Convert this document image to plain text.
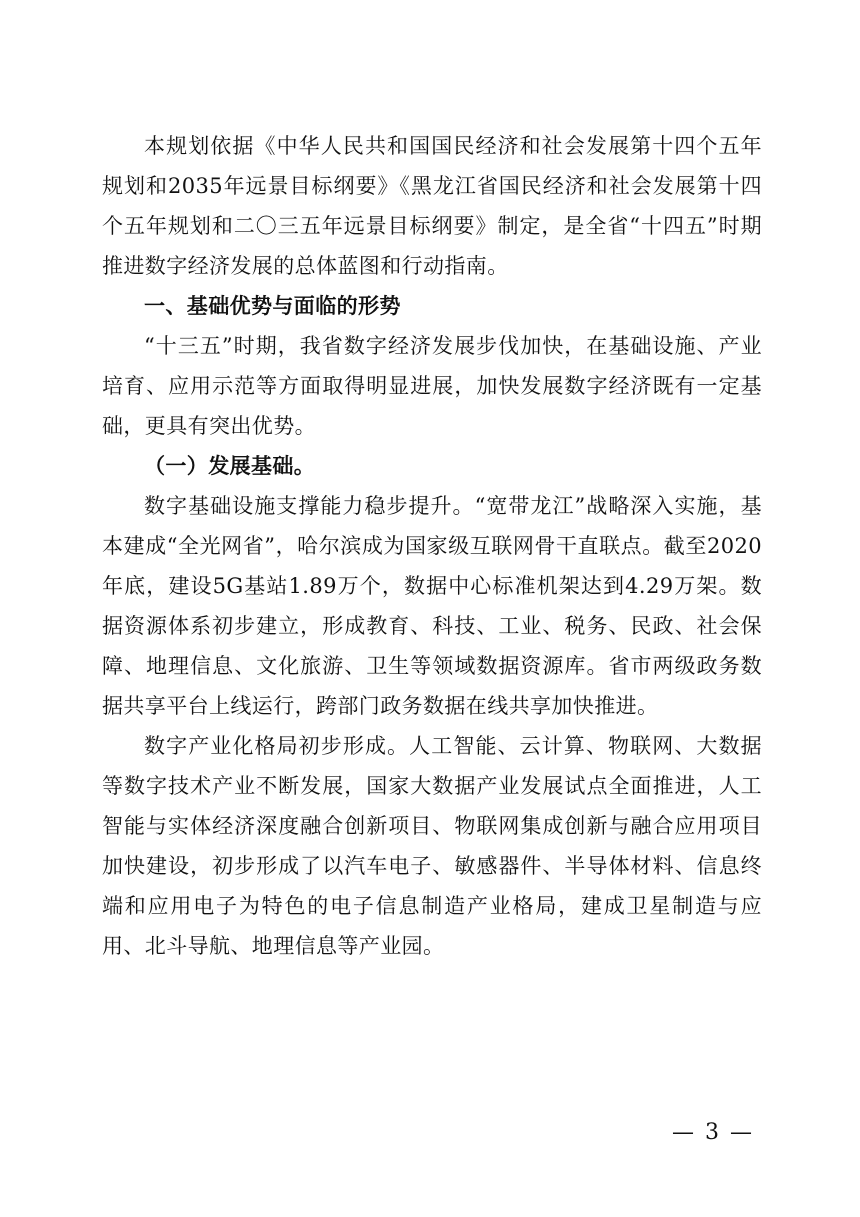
本规划依据《中华人民共和国国民经济和社会发展第十四个五年规划和2035年远景目标纲要》《黑龙江省国民经济和社会发展第十四个五年规划和二〇三五年远景目标纲要》制定，是全省“十四五”时期推进数字经济发展的总体蓝图和行动指南。

一、基础优势与面临的形势

“十三五”时期，我省数字经济发展步伐加快，在基础设施、产业培育、应用示范等方面取得明显进展，加快发展数字经济既有一定基础，更具有突出优势。

（一）发展基础。

数字基础设施支撑能力稳步提升。“宽带龙江”战略深入实施，基本建成“全光网省”，哈尔滨成为国家级互联网骨干直联点。截至2020年底，建设5G基站1.89万个，数据中心标准机架达到4.29万架。数据资源体系初步建立，形成教育、科技、工业、税务、民政、社会保障、地理信息、文化旅游、卫生等领域数据资源库。省市两级政务数据共享平台上线运行，跨部门政务数据在线共享加快推进。

数字产业化格局初步形成。人工智能、云计算、物联网、大数据等数字技术产业不断发展，国家大数据产业发展试点全面推进，人工智能与实体经济深度融合创新项目、物联网集成创新与融合应用项目加快建设，初步形成了以汽车电子、敏感器件、半导体材料、信息终端和应用电子为特色的电子信息制造产业格局，建成卫星制造与应用、北斗导航、地理信息等产业园。

— 3 —
